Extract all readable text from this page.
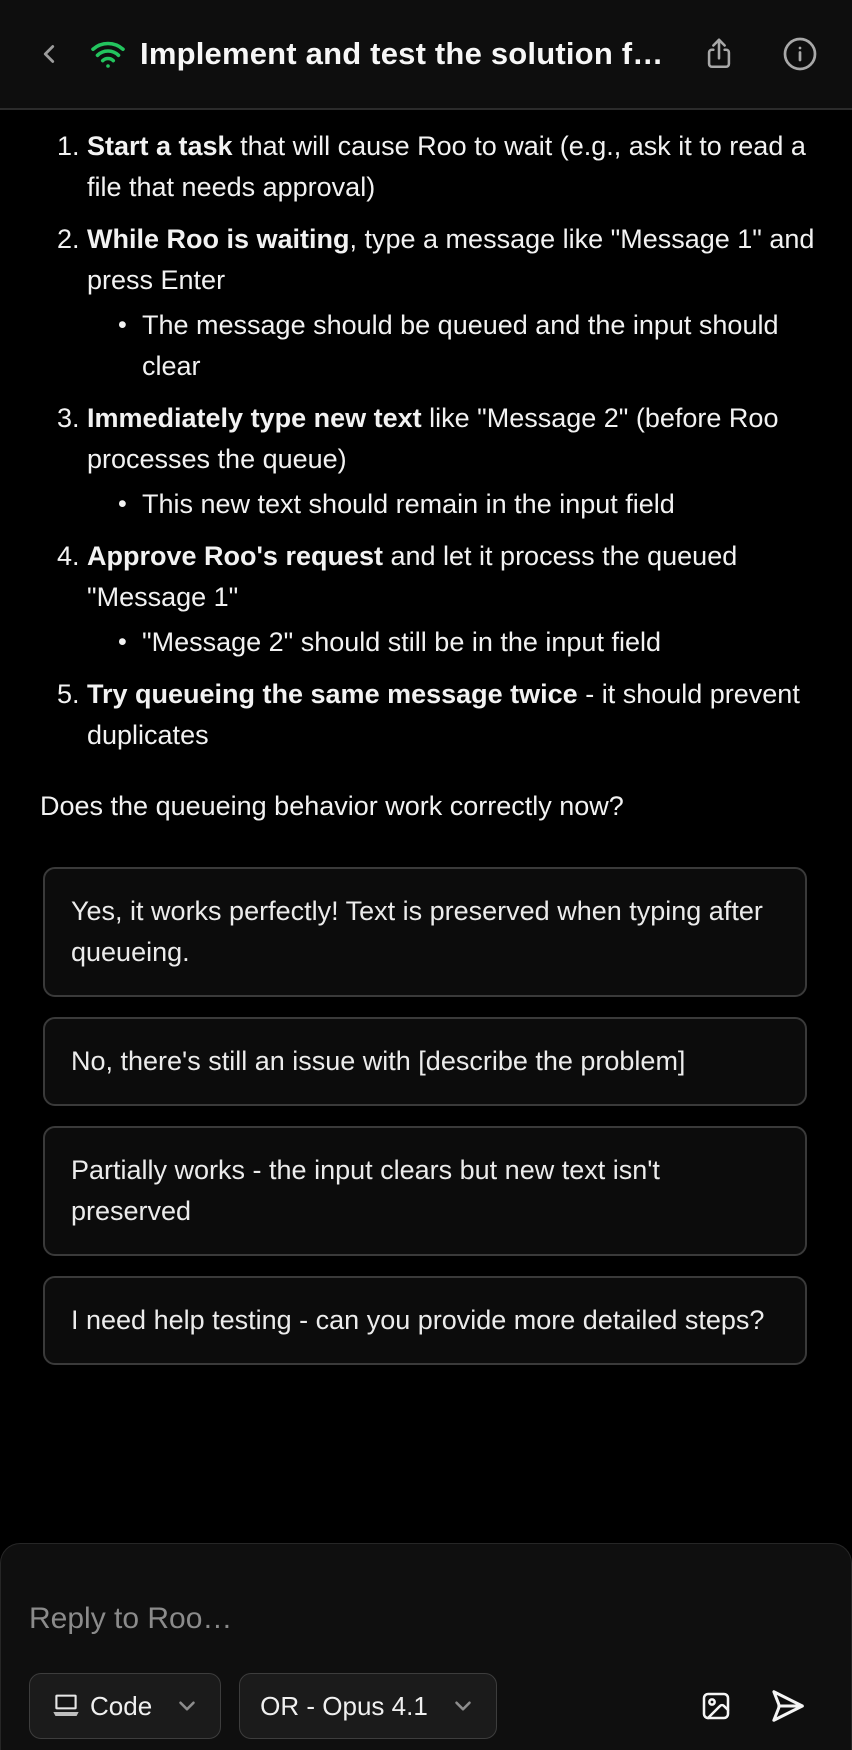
Implement and test the solution f…
1. Start a task that will cause Roo to wait (e.g., ask it to read a file that needs approval)
2. While Roo is waiting, type a message like "Message 1" and press Enter
• The message should be queued and the input should clear
3. Immediately type new text like "Message 2" (before Roo processes the queue)
• This new text should remain in the input field
4. Approve Roo's request and let it process the queued "Message 1"
• "Message 2" should still be in the input field
5. Try queueing the same message twice - it should prevent duplicates

Does the queueing behavior work correctly now?

Yes, it works perfectly! Text is preserved when typing after queueing.
No, there's still an issue with [describe the problem]
Partially works - the input clears but new text isn't preserved
I need help testing - can you provide more detailed steps?
Reply to Roo…
Code	OR - Opus 4.1
